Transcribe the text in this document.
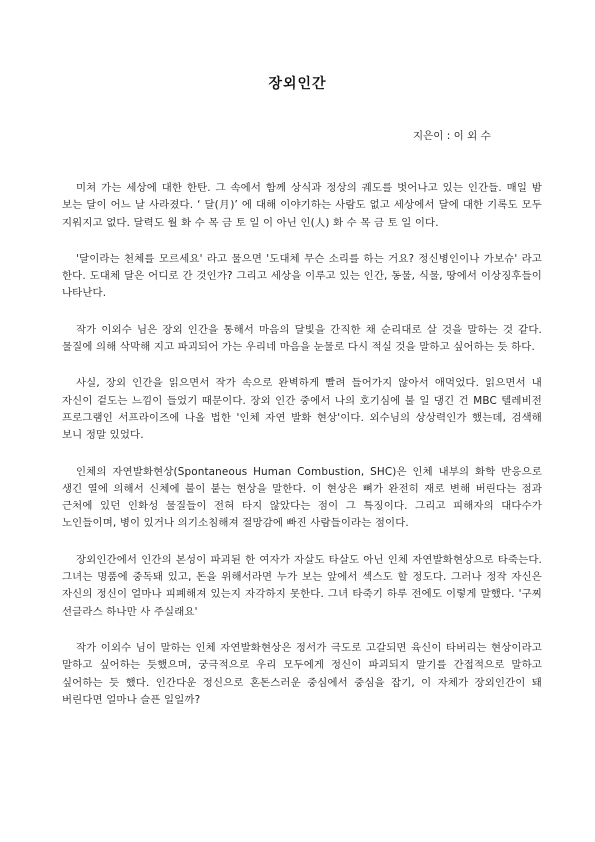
장외인간
지은이 : 이 외 수

미쳐 가는 세상에 대한 한탄. 그 속에서 함께 상식과 정상의 궤도를 벗어나고 있는 인간들. 매일 밤 보는 달이 어느 날 사라졌다. ‘ 달(月)’ 에 대해 이야기하는 사람도 없고 세상에서 달에 대한 기록도 모두 지워지고 없다. 달력도 월 화 수 목 금 토 일 이 아닌 인(人) 화 수 목 금 토 일 이다.

'달이라는 천체를 모르세요' 라고 물으면 '도대체 무슨 소리를 하는 거요? 정신병인이나 가보슈' 라고 한다. 도대체 달은 어디로 간 것인가? 그리고 세상을 이루고 있는 인간, 동물, 식물, 땅에서 이상징후들이 나타난다.

작가 이외수 님은 장외 인간을 통해서 마음의 달빛을 간직한 채 순리대로 살 것을 말하는 것 같다. 물질에 의해 삭막해 지고 파괴되어 가는 우리네 마음을 눈물로 다시 적실 것을 말하고 싶어하는 듯 하다.

사실, 장외 인간을 읽으면서 작가 속으로 완벽하게 빨려 들어가지 않아서 애먹었다. 읽으면서 내 자신이 겉도는 느낌이 들었기 때문이다. 장외 인간 중에서 나의 호기심에 불 일 댕긴 건 MBC 텔레비전 프로그램인 서프라이즈에 나올 법한 '인체 자연 발화 현상'이다. 외수님의 상상력인가 했는데, 검색해 보니 정말 있었다.

인체의 자연발화현상(Spontaneous Human Combustion, SHC)은 인체 내부의 화학 반응으로 생긴 열에 의해서 신체에 불이 붙는 현상을 말한다. 이 현상은 뼈가 완전히 재로 변해 버린다는 점과 근처에 있던 인화성 물질들이 전혀 타지 않았다는 점이 그 특징이다. 그리고 피해자의 대다수가 노인들이며, 병이 있거나 의기소침해져 절망감에 빠진 사람들이라는 점이다.

장외인간에서 인간의 본성이 파괴된 한 여자가 자살도 타살도 아닌 인체 자연발화현상으로 타죽는다. 그녀는 명품에 중독돼 있고, 돈을 위해서라면 누가 보는 앞에서 섹스도 할 정도다. 그러나 정작 자신은 자신의 정신이 얼마나 피폐해져 있는지 자각하지 못한다. 그녀 타죽기 하루 전에도 이렇게 말했다. '구찌 선글라스 하나만 사 주실래요'

작가 이외수 님이 말하는 인체 자연발화현상은 정서가 극도로 고갈되면 육신이 타버리는 현상이라고 말하고 싶어하는 듯했으며, 궁극적으로 우리 모두에게 정신이 파괴되지 말기를 간접적으로 말하고 싶어하는 듯 했다. 인간다운 정신으로 혼돈스러운 중심에서 중심을 잡기, 이 자체가 장외인간이 돼 버린다면 얼마나 슬픈 일일까?
